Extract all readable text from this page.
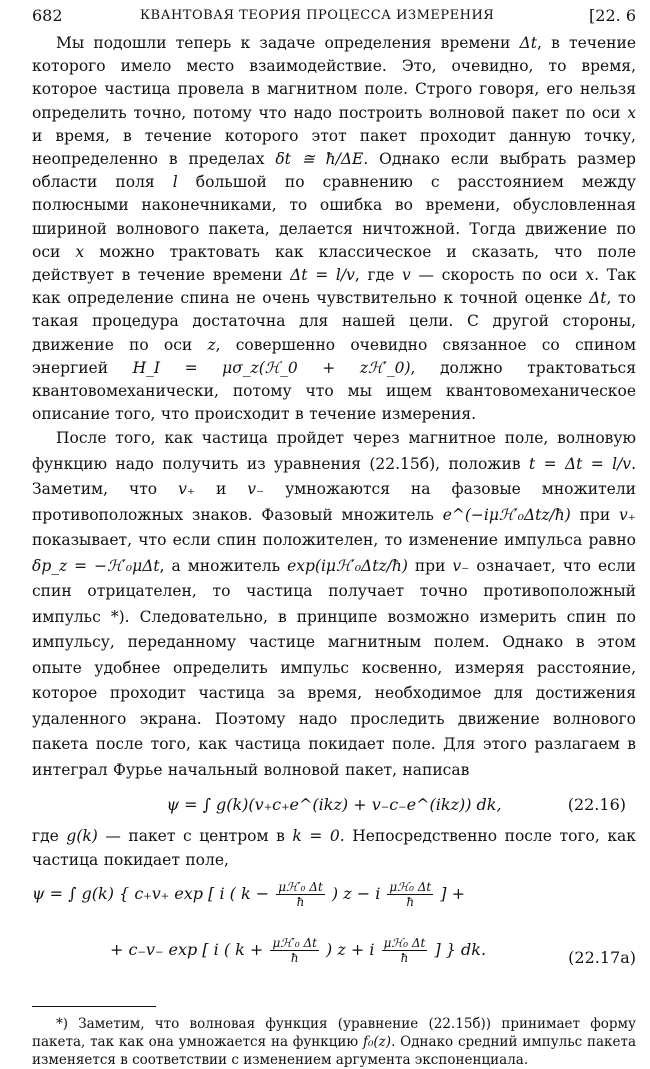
682	КВАНТОВАЯ ТЕОРИЯ ПРОЦЕССА ИЗМЕРЕНИЯ	[22. 6

Мы подошли теперь к задаче определения времени Δt, в течение которого имело место взаимодействие. Это, очевидно, то время, которое частица провела в магнитном поле. Строго говоря, его нельзя определить точно, потому что надо построить волновой пакет по оси x и время, в течение которого этот пакет проходит данную точку, неопределенно в пределах δt ≅ ħ/ΔE. Однако если выбрать размер области поля l большой по сравнению с расстоянием между полюсными наконечниками, то ошибка во времени, обусловленная шириной волнового пакета, делается ничтожной. Тогда движение по оси x можно трактовать как классическое и сказать, что поле действует в течение времени Δt = l/v, где v — скорость по оси x. Так как определение спина не очень чувствительно к точной оценке Δt, то такая процедура достаточна для нашей цели. С другой стороны, движение по оси z, совершенно очевидно связанное со спином энергией H_I = μσ_z(ℋ_0 + zℋ′_0), должно трактоваться квантовомеханически, потому что мы ищем квантовомеханическое описание того, что происходит в течение измерения.

После того, как частица пройдет через магнитное поле, волновую функцию надо получить из уравнения (22.15б), положив t = Δt = l/v. Заметим, что v₊ и v₋ умножаются на фазовые множители противоположных знаков. Фазовый множитель e^(−iμℋ′₀Δtz/ħ) при v₊ показывает, что если спин положителен, то изменение импульса равно δp_z = −ℋ′₀μΔt, а множитель exp(iμℋ′₀Δtz/ħ) при v₋ означает, что если спин отрицателен, то частица получает точно противоположный импульс *). Следовательно, в принципе возможно измерить спин по импульсу, переданному частице магнитным полем. Однако в этом опыте удобнее определить импульс косвенно, измеряя расстояние, которое проходит частица за время, необходимое для достижения удаленного экрана. Поэтому надо проследить движение волнового пакета после того, как частица покидает поле. Для этого разлагаем в интеграл Фурье начальный волновой пакет, написав

ψ = ∫ g(k)(v₊c₊e^(ikz) + v₋c₋e^(ikz)) dk,	(22.16)

где g(k) — пакет с центром в k = 0. Непосредственно после того, как частица покидает поле,

ψ = ∫ g(k) { c₊v₊ exp [ i ( $k - \frac{\text{μℋ′₀ Δt}}{ħ}$ ) z − i $\frac{\text{μℋ₀ Δt}}{ħ}$ ] +
+ c₋v₋ exp [ i ( $k + \frac{\text{μℋ′₀ Δt}}{ħ}$ ) z + i $\frac{\text{μℋ₀ Δt}}{ħ}$ ] } dk.	(22.17а)

*) Заметим, что волновая функция (уравнение (22.15б)) принимает форму пакета, так как она умножается на функцию f₀(z). Однако средний импульс пакета изменяется в соответствии с изменением аргумента экспоненциала.
